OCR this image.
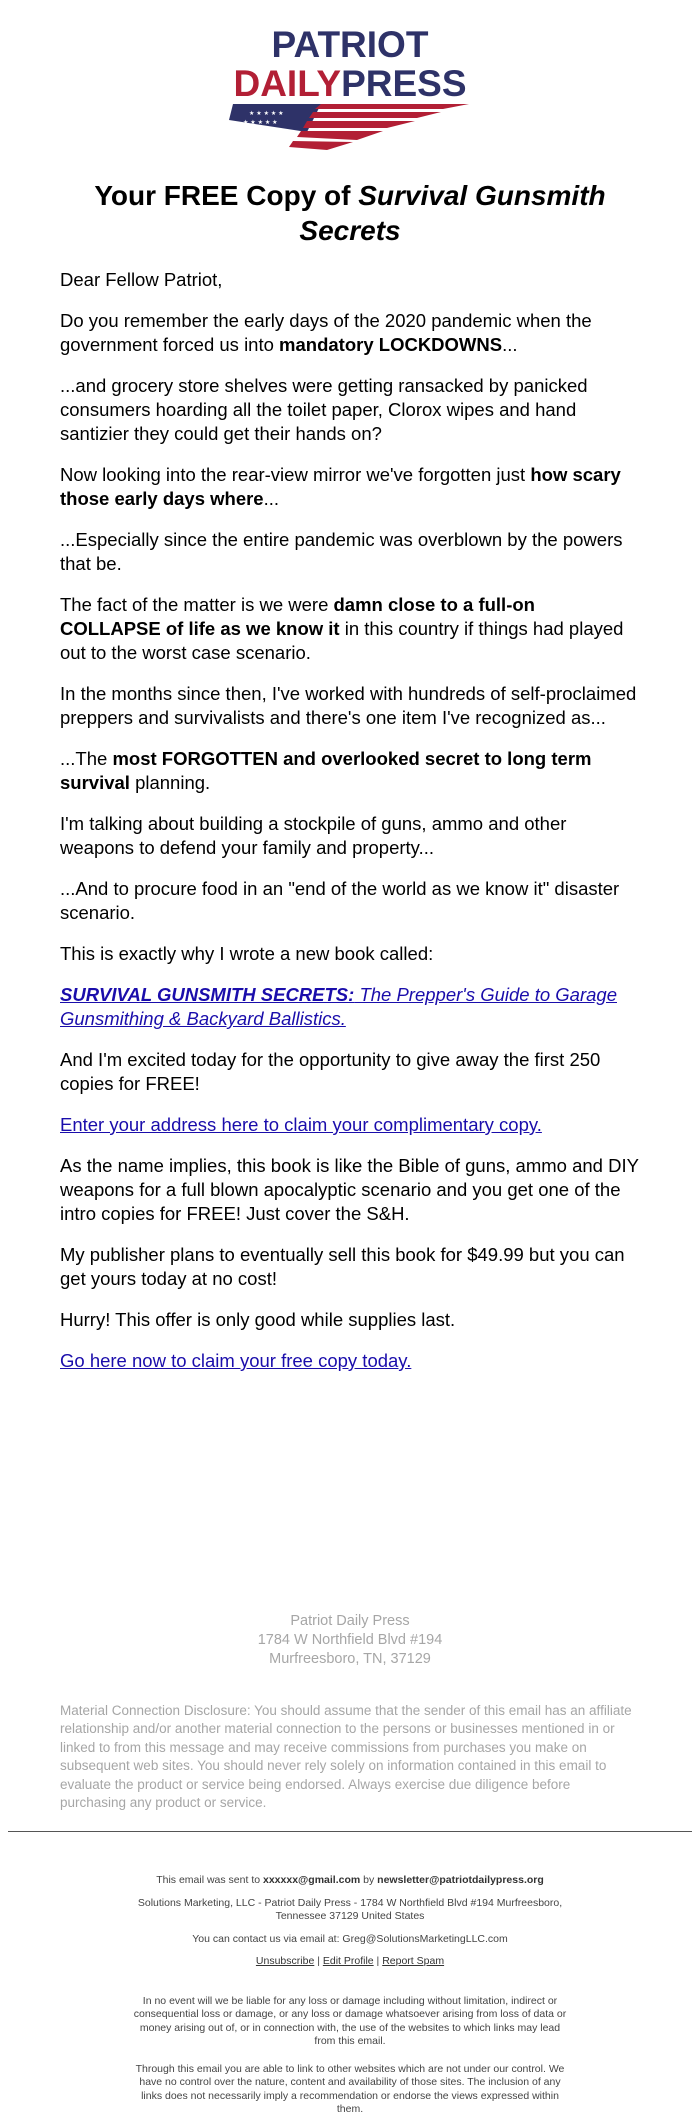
PATRIOT
DAILYPRESS
★ ★ ★ ★ ★
★ ★ ★ ★ ★
Your FREE Copy of Survival Gunsmith Secrets

Dear Fellow Patriot,

Do you remember the early days of the 2020 pandemic when the government forced us into mandatory LOCKDOWNS...

...and grocery store shelves were getting ransacked by panicked consumers hoarding all the toilet paper, Clorox wipes and hand santizier they could get their hands on?

Now looking into the rear-view mirror we've forgotten just how scary those early days where...

...Especially since the entire pandemic was overblown by the powers that be.

The fact of the matter is we were damn close to a full-on COLLAPSE of life as we know it in this country if things had played out to the worst case scenario.

In the months since then, I've worked with hundreds of self-proclaimed preppers and survivalists and there's one item I've recognized as...

...The most FORGOTTEN and overlooked secret to long term survival planning.

I'm talking about building a stockpile of guns, ammo and other weapons to defend your family and property...

...And to procure food in an "end of the world as we know it" disaster scenario.

This is exactly why I wrote a new book called:

SURVIVAL GUNSMITH SECRETS: The Prepper's Guide to Garage Gunsmithing & Backyard Ballistics.

And I'm excited today for the opportunity to give away the first 250 copies for FREE!

Enter your address here to claim your complimentary copy.

As the name implies, this book is like the Bible of guns, ammo and DIY weapons for a full blown apocalyptic scenario and you get one of the intro copies for FREE! Just cover the S&H.

My publisher plans to eventually sell this book for $49.99 but you can get yours today at no cost!

Hurry! This offer is only good while supplies last.

Go here now to claim your free copy today.

Patriot Daily Press
1784 W Northfield Blvd #194
Murfreesboro, TN, 37129
Material Connection Disclosure: You should assume that the sender of this email has an affiliate relationship and/or another material connection to the persons or businesses mentioned in or linked to from this message and may receive commissions from purchases you make on subsequent web sites. You should never rely solely on information contained in this email to evaluate the product or service being endorsed. Always exercise due diligence before purchasing any product or service.

This email was sent to xxxxxx@gmail.com by newsletter@patriotdailypress.org

Solutions Marketing, LLC - Patriot Daily Press - 1784 W Northfield Blvd #194 Murfreesboro, Tennessee 37129 United States

You can contact us via email at: Greg@SolutionsMarketingLLC.com

Unsubscribe | Edit Profile | Report Spam

In no event will we be liable for any loss or damage including without limitation, indirect or consequential loss or damage, or any loss or damage whatsoever arising from loss of data or money arising out of, or in connection with, the use of the websites to which links may lead from this email.

Through this email you are able to link to other websites which are not under our control. We have no control over the nature, content and availability of those sites. The inclusion of any links does not necessarily imply a recommendation or endorse the views expressed within them.
